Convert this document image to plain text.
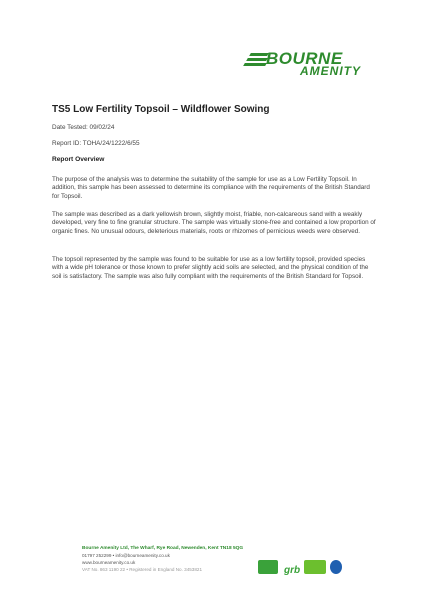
BOURNE
AMENITY
TS5 Low Fertility Topsoil – Wildflower Sowing
Date Tested: 09/02/24
Report ID: TOHA/24/1222/6/55
Report Overview

The purpose of the analysis was to determine the suitability of the sample for use as a Low Fertility Topsoil. In addition, this sample has been assessed to determine its compliance with the requirements of the British Standard for Topsoil.

The sample was described as a dark yellowish brown, slightly moist, friable, non-calcareous sand with a weakly developed, very fine to fine granular structure. The sample was virtually stone-free and contained a low proportion of organic fines. No unusual odours, deleterious materials, roots or rhizomes of pernicious weeds were observed.

The topsoil represented by the sample was found to be suitable for use as a low fertility topsoil, provided species with a wide pH tolerance or those known to prefer slightly acid soils are selected, and the physical condition of the soil is satisfactory. The sample was also fully compliant with the requirements of the British Standard for Topsoil.

Bourne Amenity Ltd, The Wharf, Rye Road, Newenden, Kent TN18 5QG
01797 252299 • info@bourneamenity.co.uk
www.bourneamenity.co.uk
VAT No. 863 1190 22 • Registered in England No. 3453821	grb
